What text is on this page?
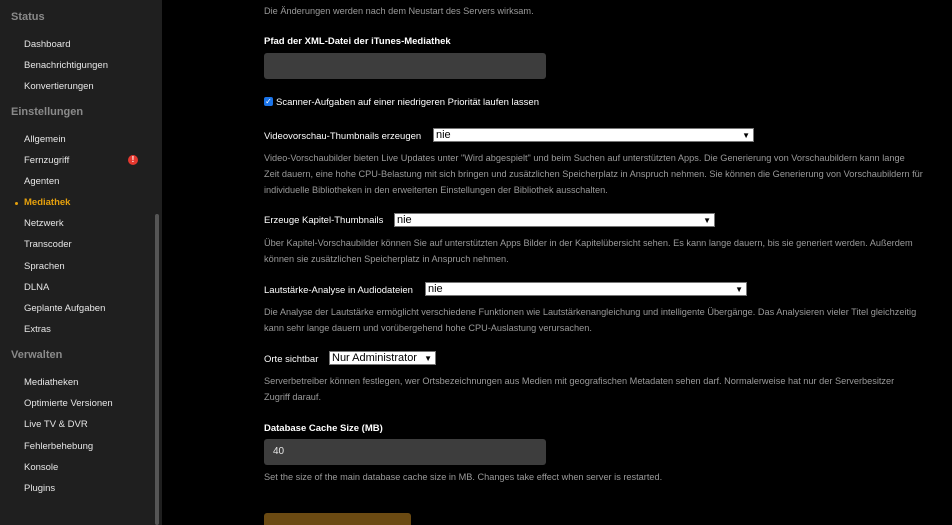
Status
Dashboard
Benachrichtigungen
Konvertierungen
Einstellungen
Allgemein
Fernzugriff	!
Agenten
Mediathek
Netzwerk
Transcoder
Sprachen
DLNA
Geplante Aufgaben
Extras
Verwalten
Mediatheken
Optimierte Versionen
Live TV & DVR
Fehlerbehebung
Konsole
Plugins
Die Änderungen werden nach dem Neustart des Servers wirksam.
Pfad der XML-Datei der iTunes-Mediathek
✓ Scanner-Aufgaben auf einer niedrigeren Priorität laufen lassen
Videovorschau-Thumbnails erzeugen nie	▼
Video-Vorschaubilder bieten Live Updates unter "Wird abgespielt" und beim Suchen auf unterstützten Apps. Die Generierung von Vorschaubildern kann lange
Zeit dauern, eine hohe CPU-Belastung mit sich bringen und zusätzlichen Speicherplatz in Anspruch nehmen. Sie können die Generierung von Vorschaubildern für
individuelle Bibliotheken in den erweiterten Einstellungen der Bibliothek ausschalten.
Erzeuge Kapitel-Thumbnails nie	▼
Über Kapitel-Vorschaubilder können Sie auf unterstützten Apps Bilder in der Kapitelübersicht sehen. Es kann lange dauern, bis sie generiert werden. Außerdem
können sie zusätzlichen Speicherplatz in Anspruch nehmen.
Lautstärke-Analyse in Audiodateien nie	▼
Die Analyse der Lautstärke ermöglicht verschiedene Funktionen wie Lautstärkenangleichung und intelligente Übergänge. Das Analysieren vieler Titel gleichzeitig
kann sehr lange dauern und vorübergehend hohe CPU-Auslastung verursachen.
Orte sichtbar Nur Administrator ▼
Serverbetreiber können festlegen, wer Ortsbezeichnungen aus Medien mit geografischen Metadaten sehen darf. Normalerweise hat nur der Serverbesitzer
Zugriff darauf.
Database Cache Size (MB)
40
Set the size of the main database cache size in MB. Changes take effect when server is restarted.
